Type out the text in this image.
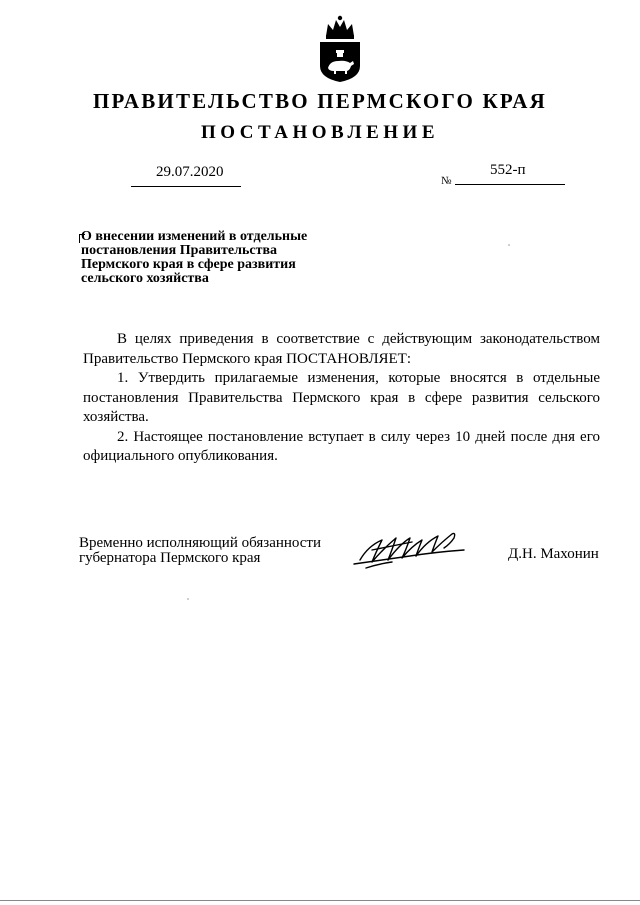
ПРАВИТЕЛЬСТВО ПЕРМСКОГО КРАЯ
ПОСТАНОВЛЕНИЕ
29.07.2020
№
552-п
О внесении изменений в отдельные
постановления Правительства
Пермского края в сфере развития
сельского хозяйства

В целях приведения в соответствие с действующим законодательством Правительство Пермского края ПОСТАНОВЛЯЕТ:

1. Утвердить прилагаемые изменения, которые вносятся в отдельные постановления Правительства Пермского края в сфере развития сельского хозяйства.

2. Настоящее постановление вступает в силу через 10 дней после дня его официального опубликования.

Временно исполняющий обязанности
губернатора Пермского края	Д.Н. Махонин
